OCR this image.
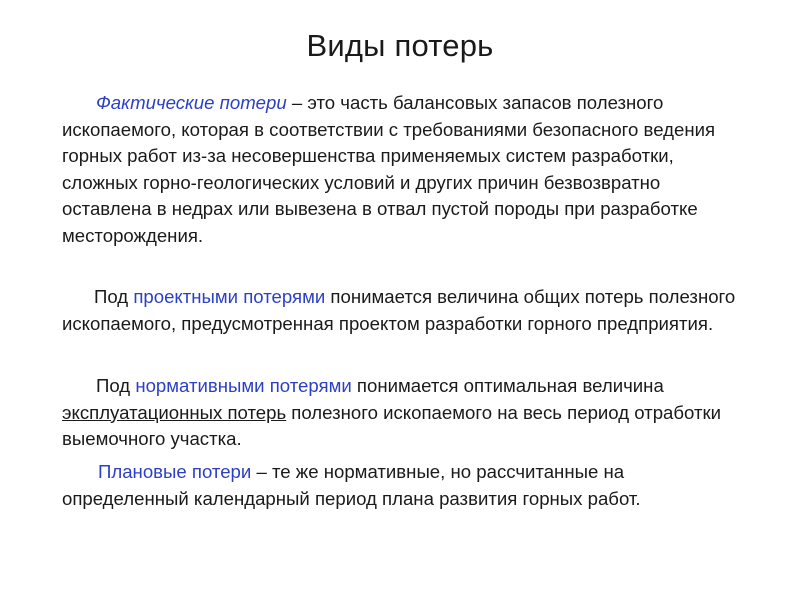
Виды потерь

Фактические потери – это часть балансовых запасов полезного ископаемого, которая в соответствии с требованиями безопасного ведения горных работ из-за несовершенства применяемых систем разработки, сложных горно-геологических условий и других причин безвозвратно оставлена в недрах или вывезена в отвал пустой породы при разработке месторождения.

Под проектными потерями понимается величина общих потерь полезного ископаемого, предусмотренная проектом разработки горного предприятия.

Под нормативными потерями понимается оптимальная величина эксплуатационных потерь полезного ископаемого на весь период отработки выемочного участка.

Плановые потери – те же нормативные, но рассчитанные на определенный календарный период плана развития горных работ.
